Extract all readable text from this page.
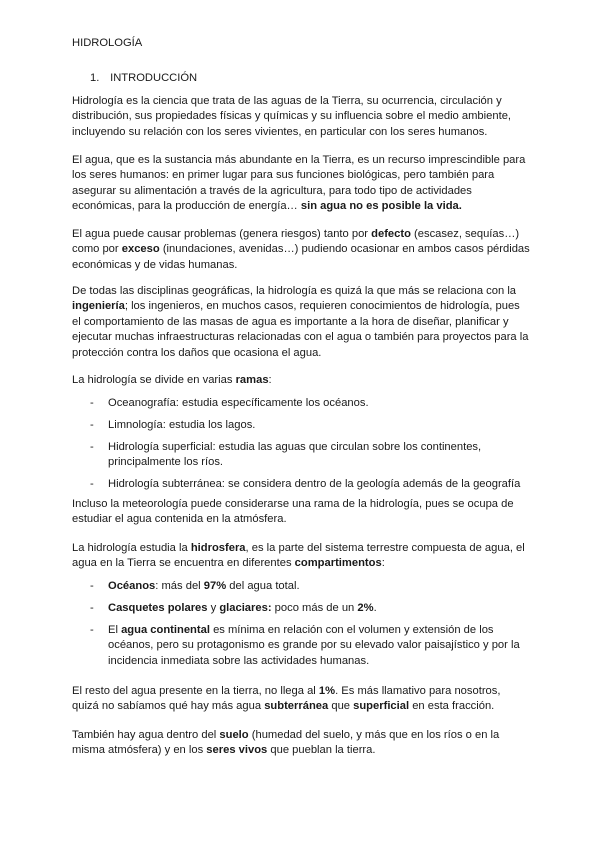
HIDROLOGÍA
1. INTRODUCCIÓN

Hidrología es la ciencia que trata de las aguas de la Tierra, su ocurrencia, circulación y distribución, sus propiedades físicas y químicas y su influencia sobre el medio ambiente, incluyendo su relación con los seres vivientes, en particular con los seres humanos.

El agua, que es la sustancia más abundante en la Tierra, es un recurso imprescindible para los seres humanos: en primer lugar para sus funciones biológicas, pero también para asegurar su alimentación a través de la agricultura, para todo tipo de actividades económicas, para la producción de energía… sin agua no es posible la vida.

El agua puede causar problemas (genera riesgos) tanto por defecto (escasez, sequías…) como por exceso (inundaciones, avenidas…) pudiendo ocasionar en ambos casos pérdidas económicas y de vidas humanas.

De todas las disciplinas geográficas, la hidrología es quizá la que más se relaciona con la ingeniería; los ingenieros, en muchos casos, requieren conocimientos de hidrología, pues el comportamiento de las masas de agua es importante a la hora de diseñar, planificar y ejecutar muchas infraestructuras relacionadas con el agua o también para proyectos para la protección contra los daños que ocasiona el agua.

La hidrología se divide en varias ramas:

- Oceanografía: estudia específicamente los océanos.
- Limnología: estudia los lagos.
- Hidrología superficial: estudia las aguas que circulan sobre los continentes, principalmente los ríos.
- Hidrología subterránea: se considera dentro de la geología además de la geografía

Incluso la meteorología puede considerarse una rama de la hidrología, pues se ocupa de estudiar el agua contenida en la atmósfera.

La hidrología estudia la hidrosfera, es la parte del sistema terrestre compuesta de agua, el agua en la Tierra se encuentra en diferentes compartimentos:

- Océanos: más del 97% del agua total.
- Casquetes polares y glaciares: poco más de un 2%.
- El agua continental es mínima en relación con el volumen y extensión de los océanos, pero su protagonismo es grande por su elevado valor paisajístico y por la incidencia inmediata sobre las actividades humanas.

El resto del agua presente en la tierra, no llega al 1%. Es más llamativo para nosotros, quizá no sabíamos qué hay más agua subterránea que superficial en esta fracción.

También hay agua dentro del suelo (humedad del suelo, y más que en los ríos o en la misma atmósfera) y en los seres vivos que pueblan la tierra.
